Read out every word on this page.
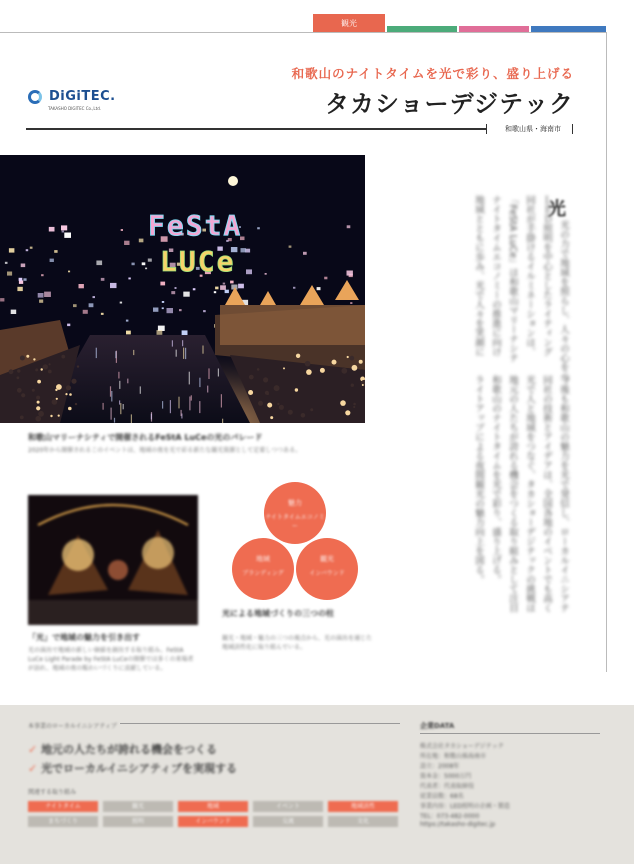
観光
DiGiTEC.
TAKASHO DIGITEC Co.,Ltd.
和歌山のナイトタイムを光で彩り、盛り上げる
タカショーデジテック
和歌山県・海南市
FeStA
LUCe
和歌山マリーナシティで開催されるFeStA LuCeの光のパレード
2020年から開催されるこのイベントは、地域の夜を光で彩る新たな観光資源として定着しつつある。
光
光の力で地域を照らし、人々の心をつ
ＬＥＤ照明を中心としたライティング
同社が手掛けるイルミネーションは、
「FeStA LuCe」は和歌山マリーナシテ
ナイトタイムエコノミーの推進に向け
地域とともに歩み、光で人々を笑顔に
今後も和歌山の魅力を光で発信し、ローカルイニシアテ
同社の技術とアイデアは、全国各地のイベントでも高く
光で人と地域をつなぐ、タカショーデジテックの挑戦は
地元の人たちが誇れる機会をつくる取り組みとして注目
和歌山のナイトタイムを光で彩り、盛り上げる。
ライトアップによる夜間観光の魅力向上を図る。
「光」で地域の魅力を引き出す
光の演出で地域の新しい価値を創出する取り組み。FeStA LuCe Light Parade by FeStA LuCeの開催では多くの来場者が訪れ、地域の夜の賑わいづくりに貢献している。
魅力
ナイトタイムエコノミー
地域
ブランディング
観光
インバウンド
光による地域づくりの三つの柱
観光・地域・魅力の三つの視点から、光の演出を通じた地域活性化に取り組んでいる。
本事業のローカルイニシアティブ
✓ 地元の人たちが誇れる機会をつくる
✓ 光でローカルイニシアティブを実現する
関連する取り組み
ナイトタイム	観光	地域	イベント	地域活性
まちづくり	照明	インバウンド	交流	文化
企業DATA
株式会社タカショーデジテック
所在地：和歌山県海南市
設立：2008年
資本金：5000万円
代表者：代表取締役
従業員数：68名
事業内容：LED照明の企画・製造
TEL：073-482-0000
https://takasho-digitec.jp
